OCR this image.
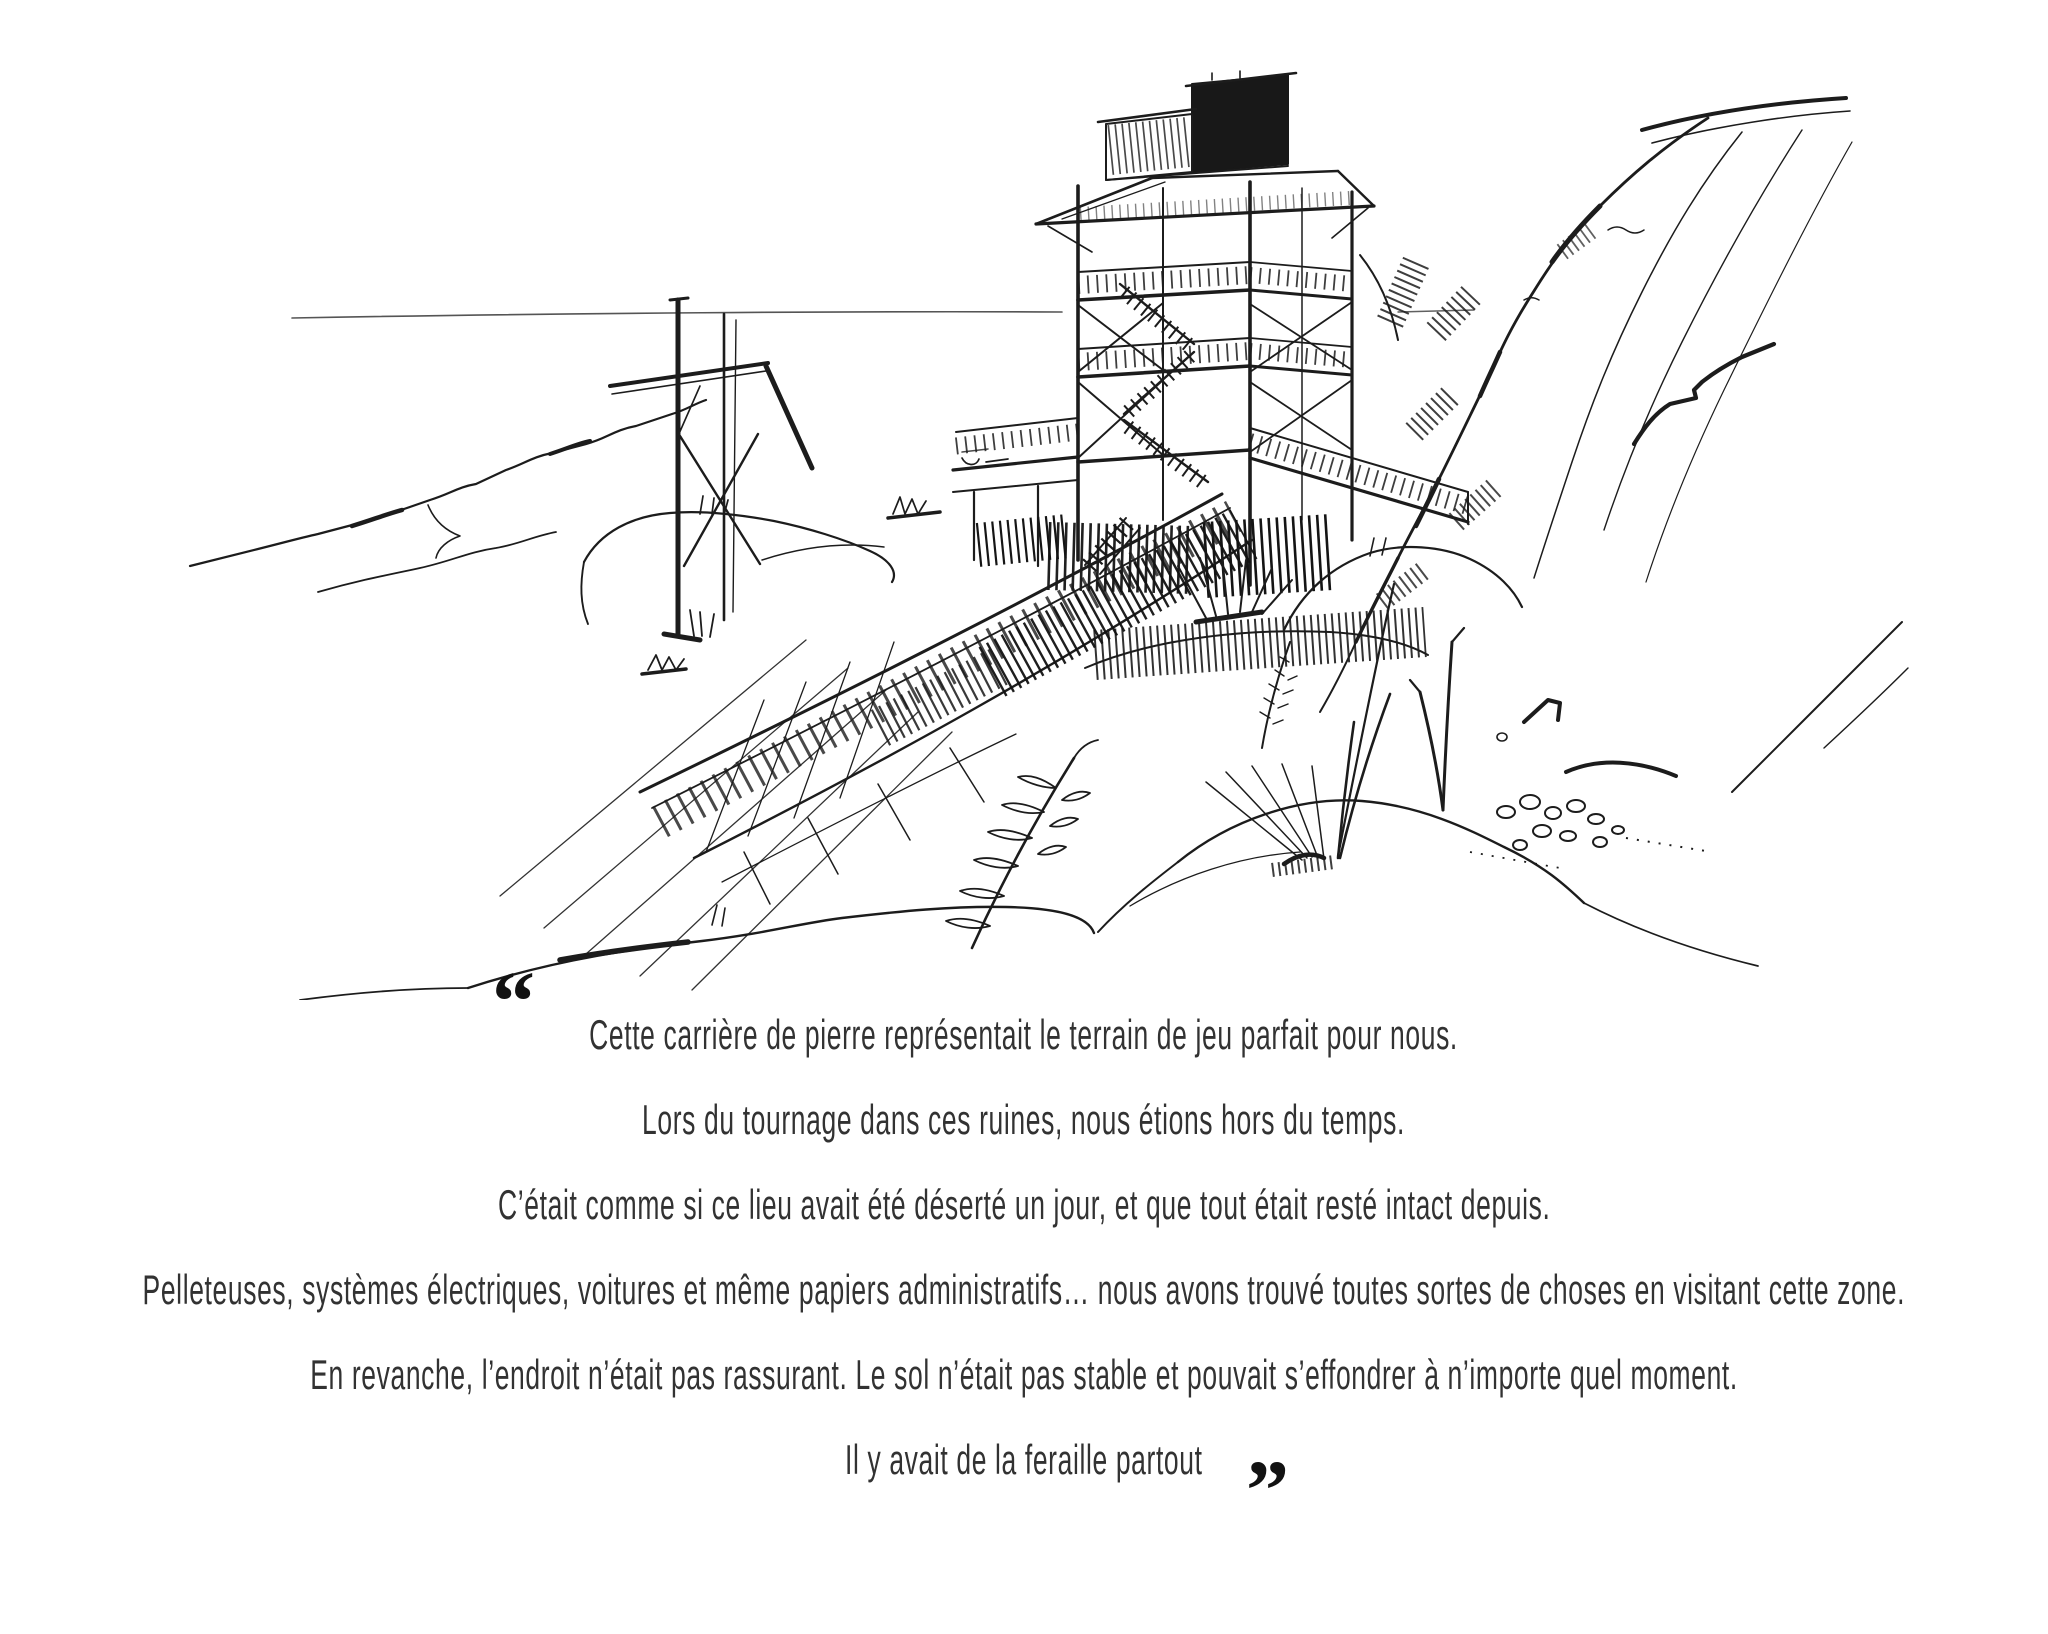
“ Cette carrière de pierre représentait le terrain de jeu parfait pour nous.
Lors du tournage dans ces ruines, nous étions hors du temps.
C’était comme si ce lieu avait été déserté un jour, et que tout était resté intact depuis.
Pelleteuses, systèmes électriques, voitures et même papiers administratifs… nous avons trouvé toutes sortes de choses en visitant cette zone.
En revanche, l’endroit n’était pas rassurant. Le sol n’était pas stable et pouvait s’effondrer à n’importe quel moment.
Il y avait de la feraille partout ”
